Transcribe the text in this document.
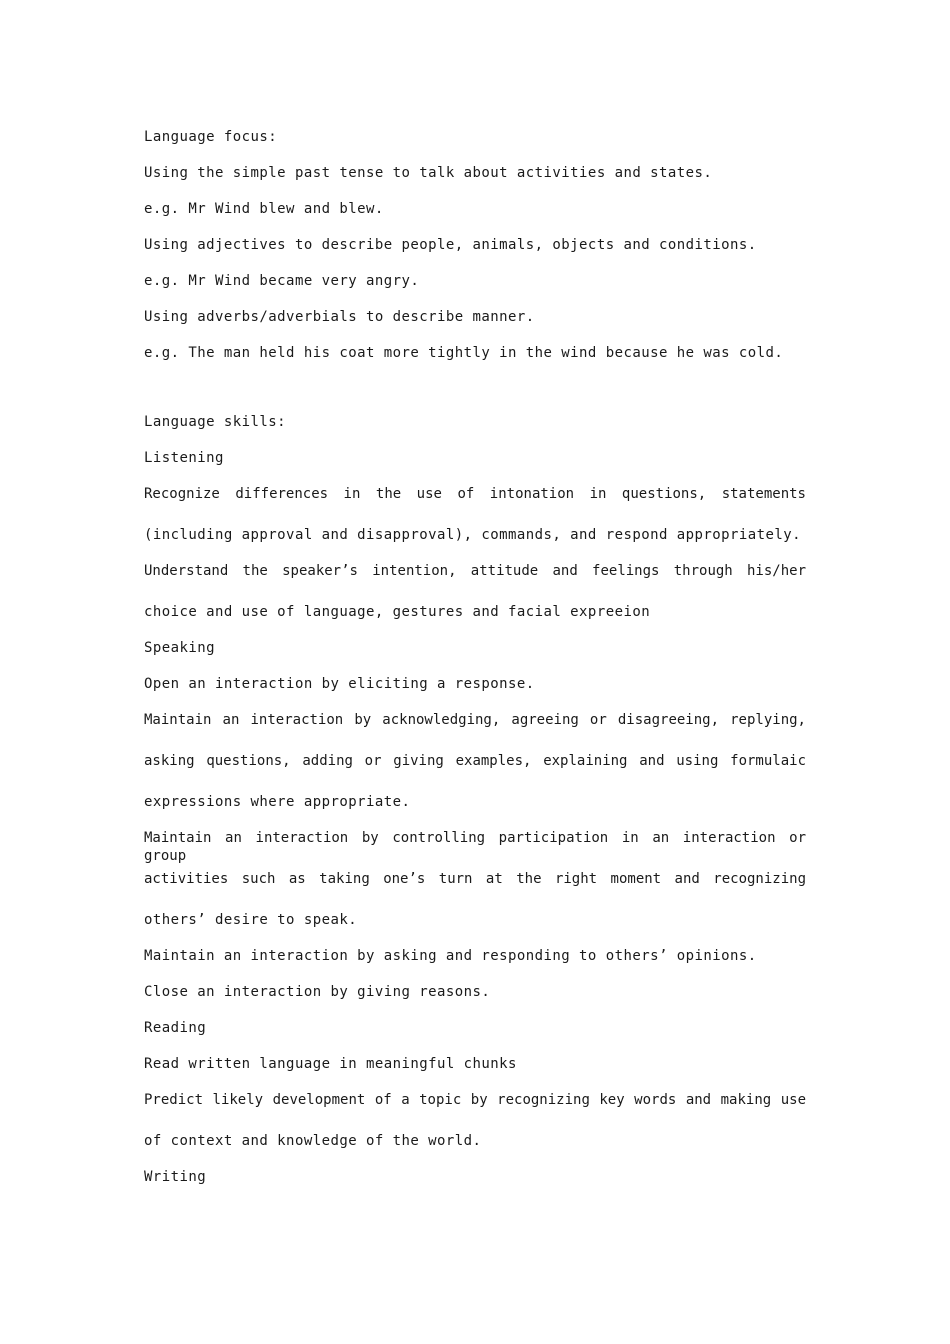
Language focus:
Using the simple past tense to talk about activities and states.
e.g. Mr Wind blew and blew.
Using adjectives to describe people, animals, objects and conditions.
e.g. Mr Wind became very angry.
Using adverbs/adverbials to describe manner.
e.g. The man held his coat more tightly in the wind because he was cold.
Language skills:
Listening
Recognize differences in the use of intonation in questions, statements
(including approval and disapproval), commands, and respond appropriately.
Understand the speaker’s intention, attitude and feelings through his/her
choice and use of language, gestures and facial expreeion
Speaking
Open an interaction by eliciting a response.
Maintain an interaction by acknowledging, agreeing or disagreeing, replying,
asking questions, adding or giving examples, explaining and using formulaic
expressions where appropriate.
Maintain an interaction by controlling participation in an interaction or group
activities such as taking one’s turn at the right moment and recognizing
others’ desire to speak.
Maintain an interaction by asking and responding to others’ opinions.
Close an interaction by giving reasons.
Reading
Read written language in meaningful chunks
Predict likely development of a topic by recognizing key words and making use
of context and knowledge of the world.
Writing
